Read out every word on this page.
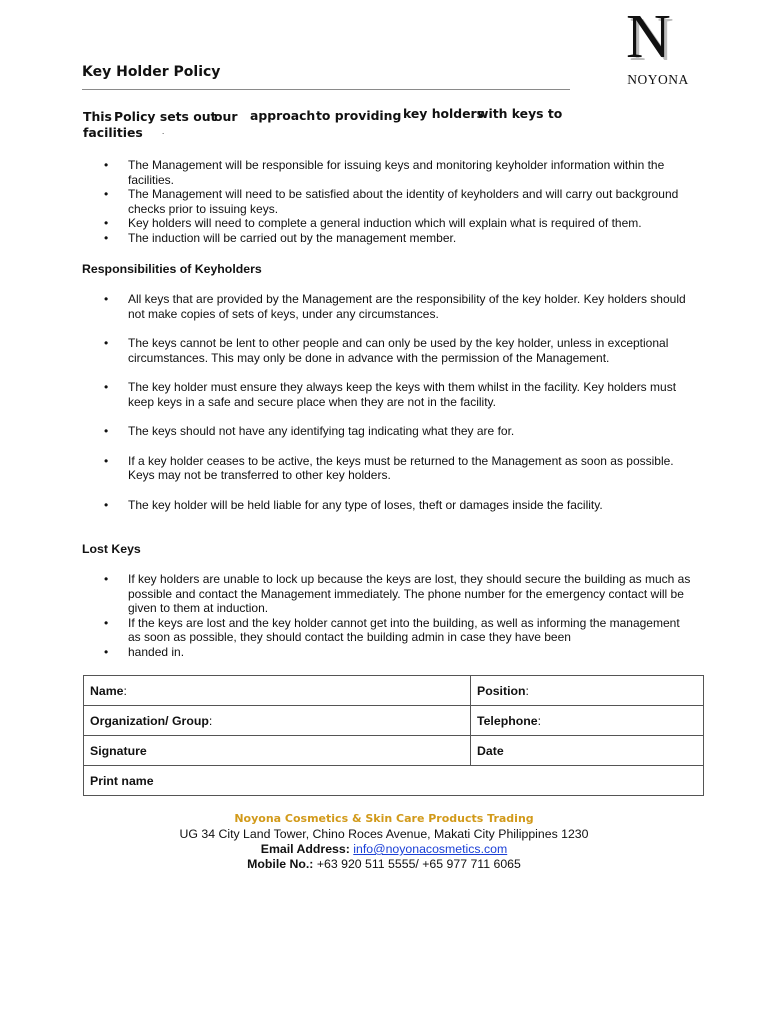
N
NOYONA
Key Holder Policy
This Policy sets out
our approach to providing key holders
with keys to
facilities .
• The Management will be responsible for issuing keys and monitoring keyholder information within the facilities.
• The Management will need to be satisfied about the identity of keyholders and will carry out background checks prior to issuing keys.
• Key holders will need to complete a general induction which will explain what is required of them.
• The induction will be carried out by the management member.
Responsibilities of Keyholders
• All keys that are provided by the Management are the responsibility of the key holder. Key holders should not make copies of sets of keys, under any circumstances.
• The keys cannot be lent to other people and can only be used by the key holder, unless in exceptional circumstances. This may only be done in advance with the permission of the Management.
• The key holder must ensure they always keep the keys with them whilst in the facility. Key holders must keep keys in a safe and secure place when they are not in the facility.
• The keys should not have any identifying tag indicating what they are for.
• If a key holder ceases to be active, the keys must be returned to the Management as soon as possible. Keys may not be transferred to other key holders.
• The key holder will be held liable for any type of loses, theft or damages inside the facility.
Lost Keys
• If key holders are unable to lock up because the keys are lost, they should secure the building as much as possible and contact the Management immediately. The phone number for the emergency contact will be given to them at induction.
• If the keys are lost and the key holder cannot get into the building, as well as informing the management as soon as possible, they should contact the building admin in case they have been
• handed in.
Name:	Position:
Organization/ Group:	Telephone:
Signature	Date
Print name	
Noyona Cosmetics & Skin Care Products Trading
UG 34 City Land Tower, Chino Roces Avenue, Makati City Philippines 1230
Email Address: info@noyonacosmetics.com
Mobile No.: +63 920 511 5555/ +65 977 711 6065
